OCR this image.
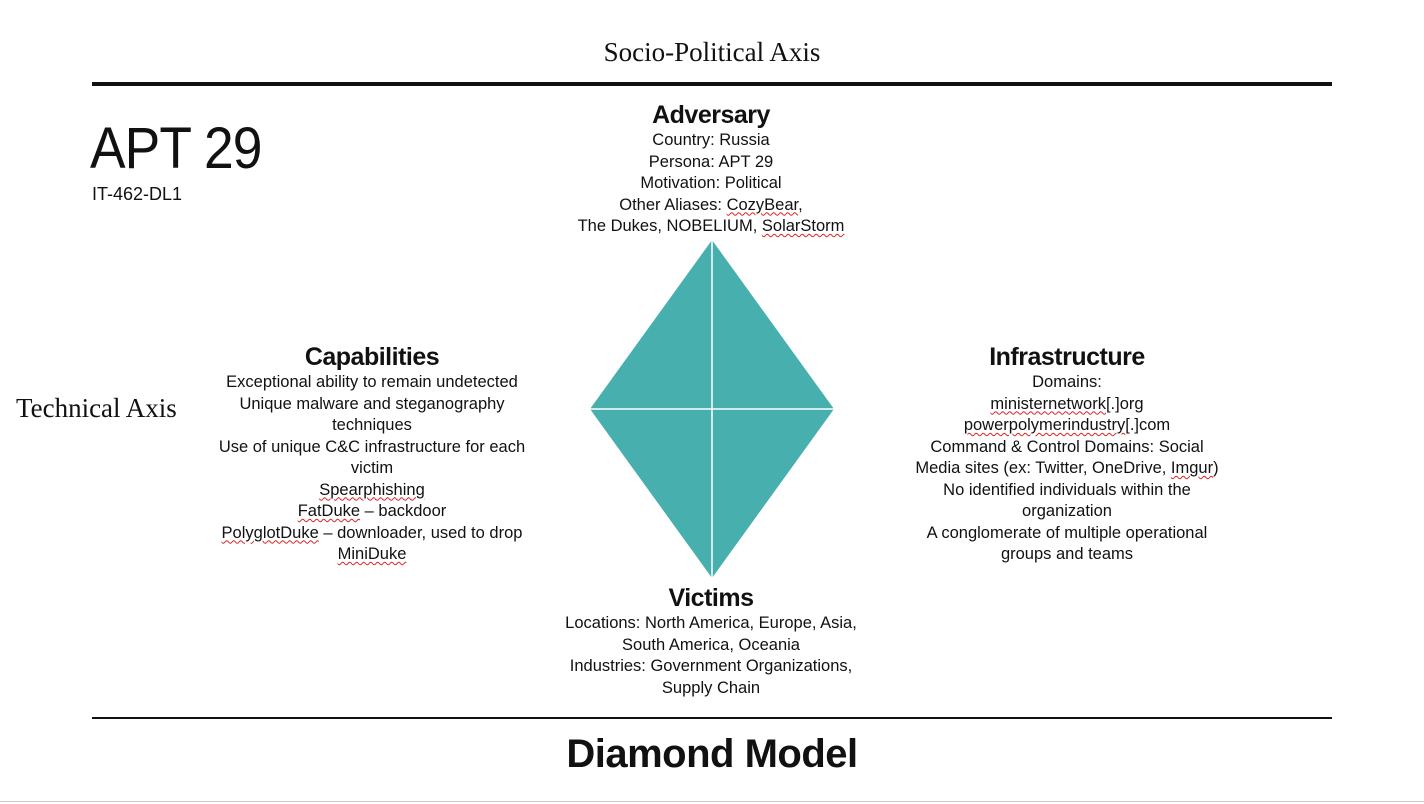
Socio-Political Axis
Technical Axis
APT 29
IT-462-DL1
Adversary
Country: Russia
Persona: APT 29
Motivation: Political
Other Aliases: CozyBear,
The Dukes, NOBELIUM, SolarStorm
Capabilities
Exceptional ability to remain undetected
Unique malware and steganography techniques
Use of unique C&C infrastructure for each victim
Spearphishing
FatDuke – backdoor
PolyglotDuke – downloader, used to drop MiniDuke
Infrastructure
Domains:
ministernetwork[.]org
powerpolymerindustry[.]com
Command & Control Domains: Social Media sites (ex: Twitter, OneDrive, Imgur)
No identified individuals within the organization
A conglomerate of multiple operational groups and teams
Victims
Locations: North America, Europe, Asia, South America, Oceania
Industries: Government Organizations, Supply Chain
Diamond Model
